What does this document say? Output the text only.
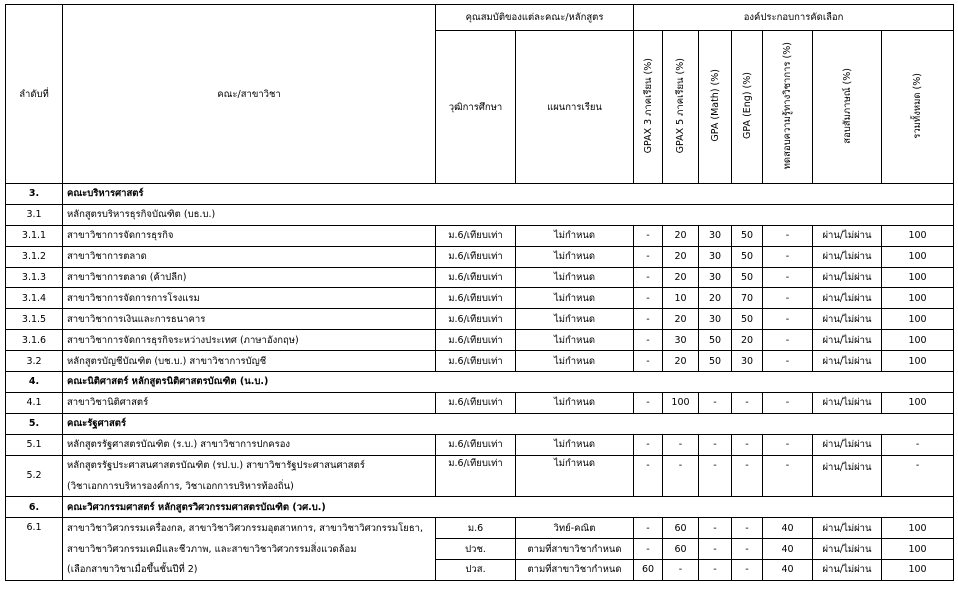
ลำดับที่	คณะ/สาขาวิชา	คุณสมบัติของแต่ละคณะ/หลักสูตร		องค์ประกอบการคัดเลือก						
		วุฒิการศึกษา	แผนการเรียน	GPAX 3 ภาคเรียน (%)	GPAX 5 ภาคเรียน (%)	GPA (Math) (%)	GPA (Eng) (%)	ทดสอบความรู้ทางวิชาการ (%)	สอบสัมภาษณ์ (%)	รวมทั้งหมด (%)
3.	คณะบริหารศาสตร์									
3.1	หลักสูตรบริหารธุรกิจบัณฑิต (บธ.บ.)									
3.1.1	สาขาวิชาการจัดการธุรกิจ	ม.6/เทียบเท่า	ไม่กำหนด	-	20	30	50	-	ผ่าน/ไม่ผ่าน	100
3.1.2	สาขาวิชาการตลาด	ม.6/เทียบเท่า	ไม่กำหนด	-	20	30	50	-	ผ่าน/ไม่ผ่าน	100
3.1.3	สาขาวิชาการตลาด (ค้าปลีก)	ม.6/เทียบเท่า	ไม่กำหนด	-	20	30	50	-	ผ่าน/ไม่ผ่าน	100
3.1.4	สาขาวิชาการจัดการการโรงแรม	ม.6/เทียบเท่า	ไม่กำหนด	-	10	20	70	-	ผ่าน/ไม่ผ่าน	100
3.1.5	สาขาวิชาการเงินและการธนาคาร	ม.6/เทียบเท่า	ไม่กำหนด	-	20	30	50	-	ผ่าน/ไม่ผ่าน	100
3.1.6	สาขาวิชาการจัดการธุรกิจระหว่างประเทศ (ภาษาอังกฤษ)	ม.6/เทียบเท่า	ไม่กำหนด	-	30	50	20	-	ผ่าน/ไม่ผ่าน	100
3.2	หลักสูตรบัญชีบัณฑิต (บช.บ.) สาขาวิชาการบัญชี	ม.6/เทียบเท่า	ไม่กำหนด	-	20	50	30	-	ผ่าน/ไม่ผ่าน	100
4.	คณะนิติศาสตร์ หลักสูตรนิติศาสตรบัณฑิต (น.บ.)									
4.1	สาขาวิชานิติศาสตร์	ม.6/เทียบเท่า	ไม่กำหนด	-	100	-	-	-	ผ่าน/ไม่ผ่าน	100
5.	คณะรัฐศาสตร์									
5.1	หลักสูตรรัฐศาสตรบัณฑิต (ร.บ.) สาขาวิชาการปกครอง	ม.6/เทียบเท่า	ไม่กำหนด	-	-	-	-	-	ผ่าน/ไม่ผ่าน	-
5.2	หลักสูตรรัฐประศาสนศาสตรบัณฑิต (รป.บ.) สาขาวิชารัฐประศาสนศาสตร์	ม.6/เทียบเท่า	ไม่กำหนด	-	-	-	-	-	ผ่าน/ไม่ผ่าน	-
	(วิชาเอกการบริหารองค์การ, วิชาเอกการบริหารท้องถิ่น)									
6.	คณะวิศวกรรมศาสตร์ หลักสูตรวิศวกรรมศาสตรบัณฑิต (วศ.บ.)									
6.1	สาขาวิชาวิศวกรรมเครื่องกล, สาขาวิชาวิศวกรรมอุตสาหการ, สาขาวิชาวิศวกรรมโยธา,	ม.6	วิทย์-คณิต	-	60	-	-	40	ผ่าน/ไม่ผ่าน	100
	สาขาวิชาวิศวกรรมเคมีและชีวภาพ, และสาขาวิชาวิศวกรรมสิ่งแวดล้อม	ปวช.	ตามที่สาขาวิชากำหนด	-	60	-	-	40	ผ่าน/ไม่ผ่าน	100
	(เลือกสาขาวิชาเมื่อขึ้นชั้นปีที่ 2)	ปวส.	ตามที่สาขาวิชากำหนด	60	-	-	-	40	ผ่าน/ไม่ผ่าน	100
